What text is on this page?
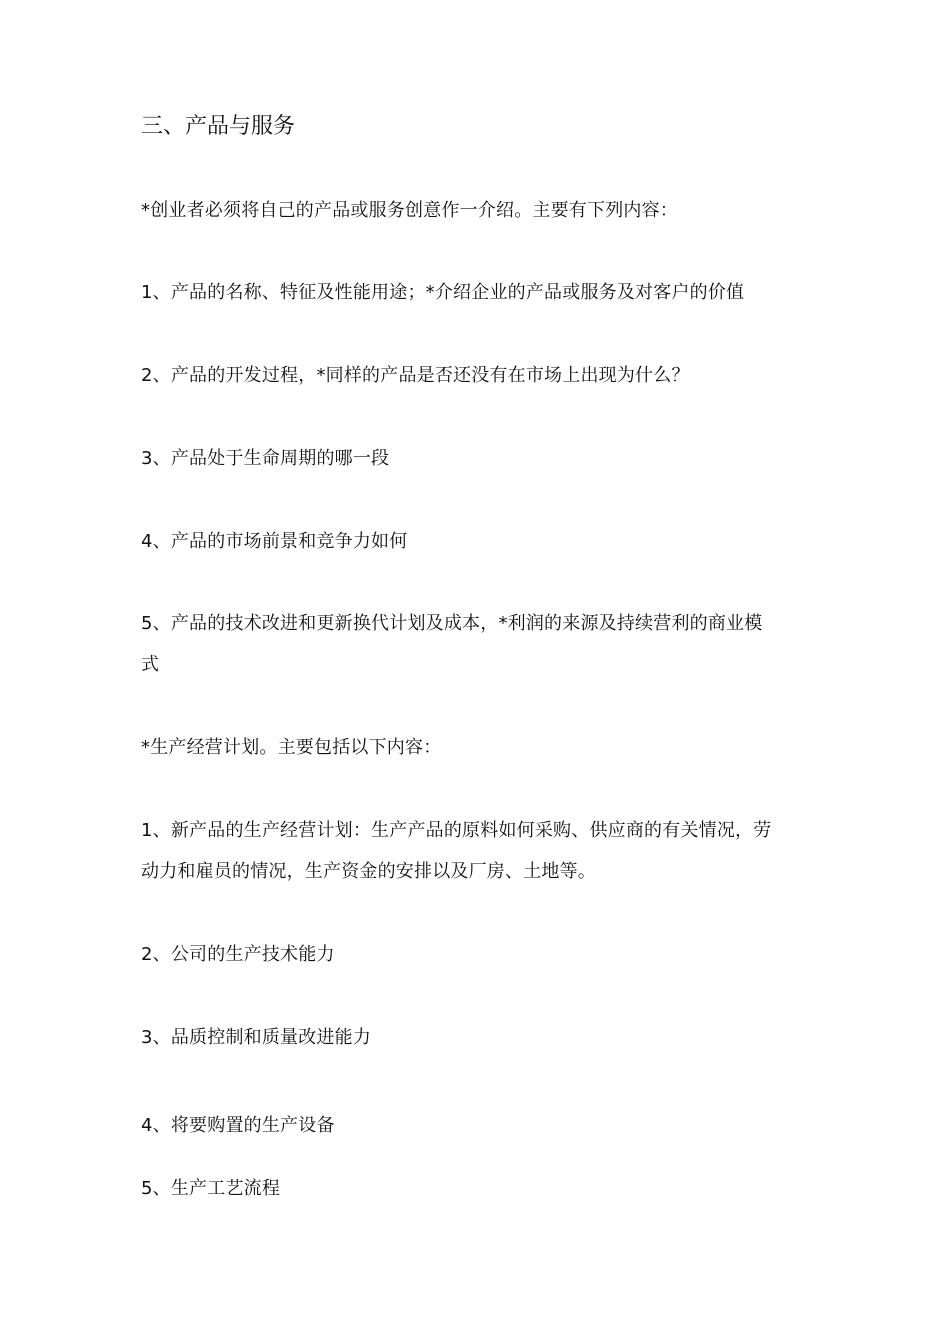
三、产品与服务
*创业者必须将自己的产品或服务创意作一介绍。主要有下列内容：
1、产品的名称、特征及性能用途；*介绍企业的产品或服务及对客户的价值
2、产品的开发过程，*同样的产品是否还没有在市场上出现为什么？
3、产品处于生命周期的哪一段
4、产品的市场前景和竞争力如何
5、产品的技术改进和更新换代计划及成本，*利润的来源及持续营利的商业模
式
*生产经营计划。主要包括以下内容：
1、新产品的生产经营计划：生产产品的原料如何采购、供应商的有关情况，劳
动力和雇员的情况，生产资金的安排以及厂房、土地等。
2、公司的生产技术能力
3、品质控制和质量改进能力
4、将要购置的生产设备
5、生产工艺流程
